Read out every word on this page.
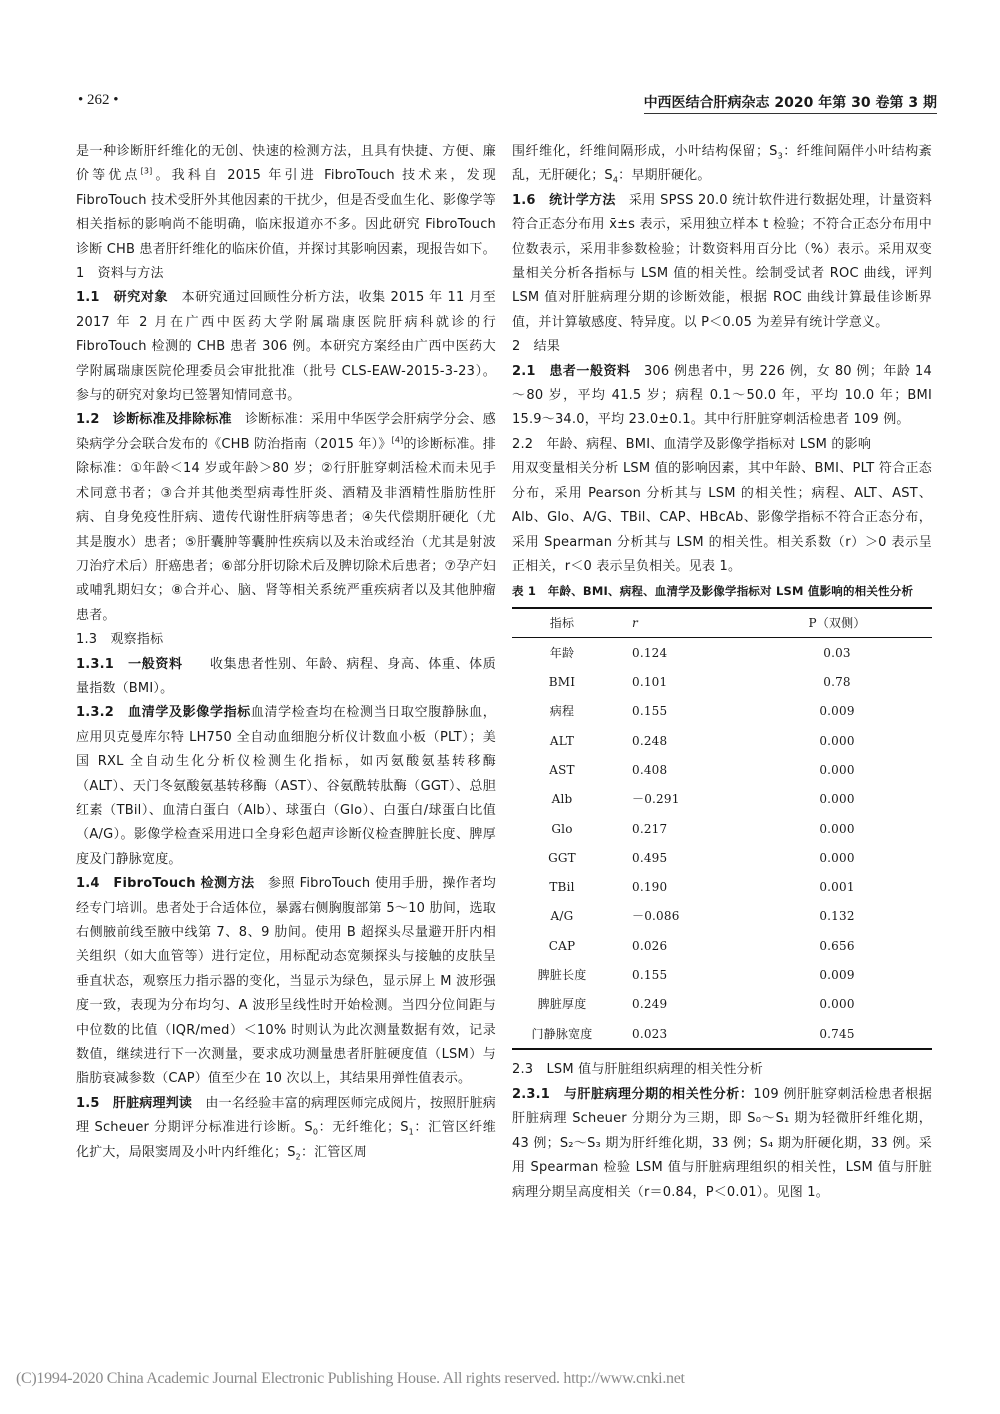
• 262 •	中西医结合肝病杂志 2020 年第 30 卷第 3 期

是一种诊断肝纤维化的无创、快速的检测方法，且具有快捷、方便、廉价等优点[3]。我科自 2015 年引进 FibroTouch 技术来，发现 FibroTouch 技术受肝外其他因素的干扰少，但是否受血生化、影像学等相关指标的影响尚不能明确，临床报道亦不多。因此研究 FibroTouch 诊断 CHB 患者肝纤维化的临床价值，并探讨其影响因素，现报告如下。

1　资料与方法

1.1　研究对象　本研究通过回顾性分析方法，收集 2015 年 11 月至 2017 年 2 月在广西中医药大学附属瑞康医院肝病科就诊的行 FibroTouch 检测的 CHB 患者 306 例。本研究方案经由广西中医药大学附属瑞康医院伦理委员会审批批准（批号 CLS-EAW-2015-3-23）。参与的研究对象均已签署知情同意书。

1.2　诊断标准及排除标准　诊断标准：采用中华医学会肝病学分会、感染病学分会联合发布的《CHB 防治指南（2015 年）》[4]的诊断标准。排除标准：①年龄＜14 岁或年龄＞80 岁；②行肝脏穿刺活检术而未见手术同意书者；③合并其他类型病毒性肝炎、酒精及非酒精性脂肪性肝病、自身免疫性肝病、遗传代谢性肝病等患者；④失代偿期肝硬化（尤其是腹水）患者；⑤肝囊肿等囊肿性疾病以及未治或经治（尤其是射波刀治疗术后）肝癌患者；⑥部分肝切除术后及脾切除术后患者；⑦孕产妇或哺乳期妇女；⑧合并心、脑、肾等相关系统严重疾病者以及其他肿瘤患者。

1.3　观察指标

1.3.1　一般资料　　收集患者性别、年龄、病程、身高、体重、体质量指数（BMI）。

1.3.2　血清学及影像学指标血清学检查均在检测当日取空腹静脉血，应用贝克曼库尔特 LH750 全自动血细胞分析仪计数血小板（PLT）；美国 RXL 全自动生化分析仪检测生化指标，如丙氨酸氨基转移酶（ALT）、天门冬氨酸氨基转移酶（AST）、谷氨酰转肽酶（GGT）、总胆红素（TBil）、血清白蛋白（Alb）、球蛋白（Glo）、白蛋白/球蛋白比值（A/G）。影像学检查采用进口全身彩色超声诊断仪检查脾脏长度、脾厚度及门静脉宽度。

1.4　FibroTouch 检测方法　参照 FibroTouch 使用手册，操作者均经专门培训。患者处于合适体位，暴露右侧胸腹部第 5～10 肋间，选取右侧腋前线至腋中线第 7、8、9 肋间。使用 B 超探头尽量避开肝内相关组织（如大血管等）进行定位，用标配动态宽频探头与接触的皮肤呈垂直状态，观察压力指示器的变化，当显示为绿色，显示屏上 M 波形强度一致，表现为分布均匀、A 波形呈线性时开始检测。当四分位间距与中位数的比值（IQR/med）＜10% 时则认为此次测量数据有效，记录数值，继续进行下一次测量，要求成功测量患者肝脏硬度值（LSM）与脂肪衰减参数（CAP）值至少在 10 次以上，其结果用弹性值表示。

1.5　肝脏病理判读　由一名经验丰富的病理医师完成阅片，按照肝脏病理 Scheuer 分期评分标准进行诊断。$S_0$：无纤维化；$S_1$：汇管区纤维化扩大，局限窦周及小叶内纤维化；$S_2$：汇管区周

围纤维化，纤维间隔形成，小叶结构保留；$S_3$：纤维间隔伴小叶结构紊乱，无肝硬化；$S_4$：早期肝硬化。

1.6　统计学方法　采用 SPSS 20.0 统计软件进行数据处理，计量资料符合正态分布用 x̄±s 表示，采用独立样本 t 检验；不符合正态分布用中位数表示，采用非参数检验；计数资料用百分比（%）表示。采用双变量相关分析各指标与 LSM 值的相关性。绘制受试者 ROC 曲线，评判 LSM 值对肝脏病理分期的诊断效能，根据 ROC 曲线计算最佳诊断界值，并计算敏感度、特异度。以 P＜0.05 为差异有统计学意义。

2　结果

2.1　患者一般资料　306 例患者中，男 226 例，女 80 例；年龄 14～80 岁，平均 41.5 岁；病程 0.1～50.0 年，平均 10.0 年；BMI 15.9～34.0，平均 23.0±0.1。其中行肝脏穿刺活检患者 109 例。

2.2　年龄、病程、BMI、血清学及影像学指标对 LSM 的影响

用双变量相关分析 LSM 值的影响因素，其中年龄、BMI、PLT 符合正态分布，采用 Pearson 分析其与 LSM 的相关性；病程、ALT、AST、Alb、Glo、A/G、TBil、CAP、HBcAb、影像学指标不符合正态分布，采用 Spearman 分析其与 LSM 的相关性。相关系数（r）＞0 表示呈正相关，r＜0 表示呈负相关。见表 1。

表 1　年龄、BMI、病程、血清学及影像学指标对 LSM 值影响的相关性分析
指标	r	P（双侧）
年龄	0.124	0.03
BMI	0.101	0.78
病程	0.155	0.009
ALT	0.248	0.000
AST	0.408	0.000
Alb	－0.291	0.000
Glo	0.217	0.000
GGT	0.495	0.000
TBil	0.190	0.001
A/G	－0.086	0.132
CAP	0.026	0.656
脾脏长度	0.155	0.009
脾脏厚度	0.249	0.000
门静脉宽度	0.023	0.745

2.3　LSM 值与肝脏组织病理的相关性分析

2.3.1　与肝脏病理分期的相关性分析：109 例肝脏穿刺活检患者根据肝脏病理 Scheuer 分期分为三期，即 S₀～S₁ 期为轻微肝纤维化期，43 例；S₂～S₃ 期为肝纤维化期，33 例；S₄ 期为肝硬化期，33 例。采用 Spearman 检验 LSM 值与肝脏病理组织的相关性，LSM 值与肝脏病理分期呈高度相关（r＝0.84，P＜0.01）。见图 1。

(C)1994-2020 China Academic Journal Electronic Publishing House. All rights reserved. http://www.cnki.net
